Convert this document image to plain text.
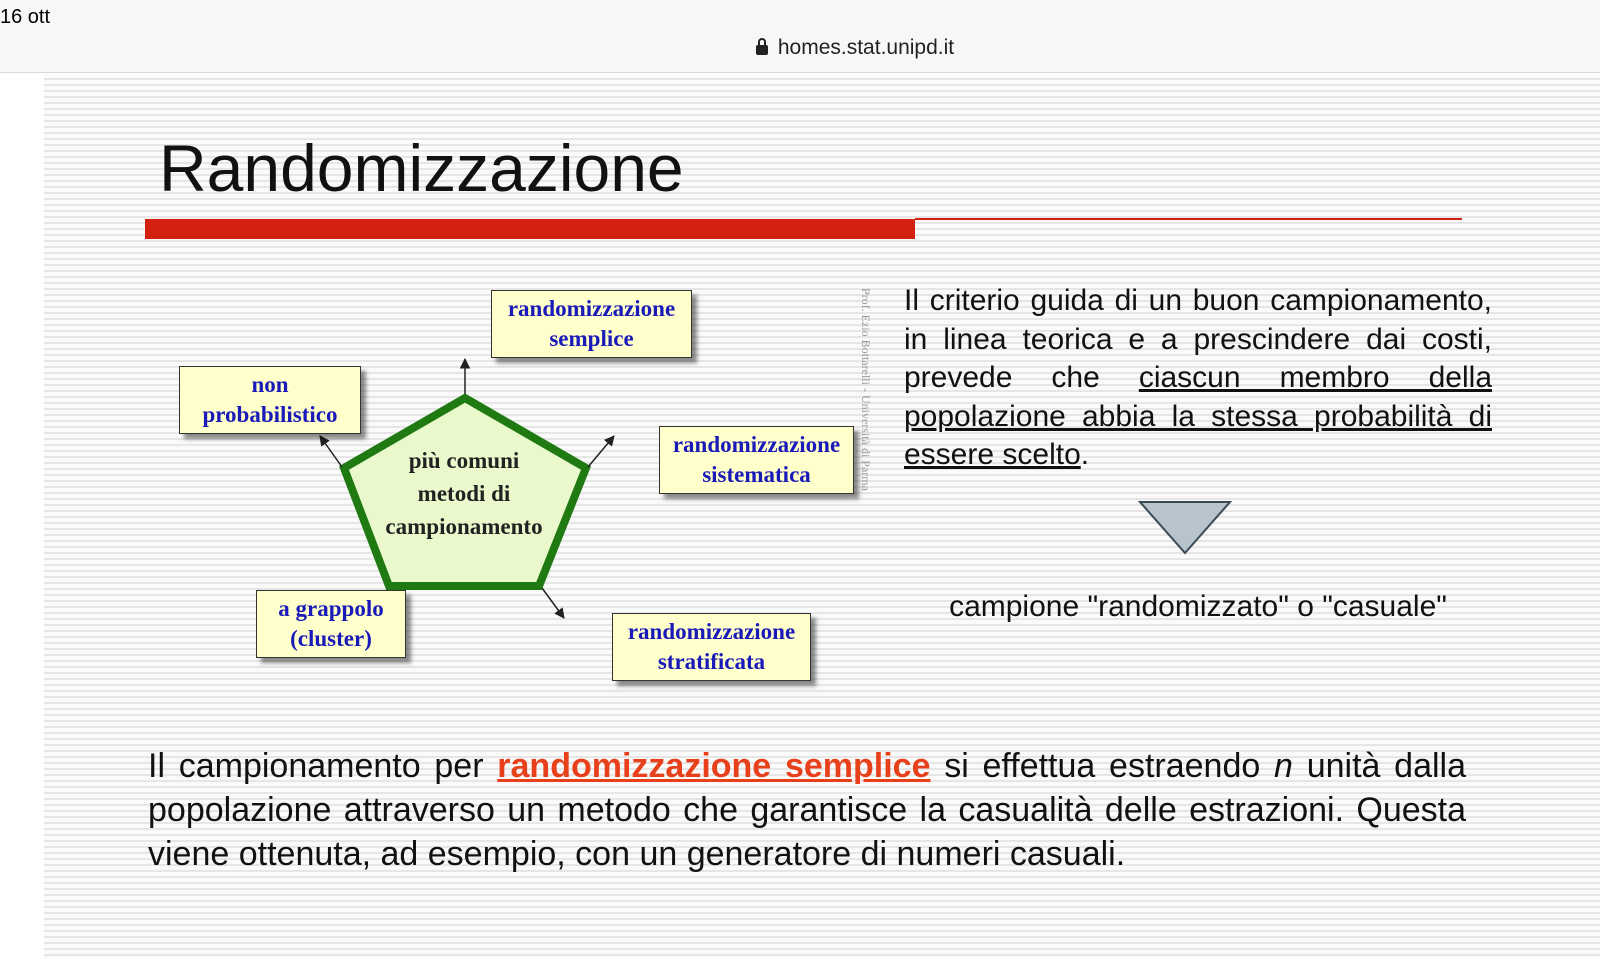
16 ott
homes.stat.unipd.it
Randomizzazione
più comuni
metodi di
campionamento
randomizzazione
semplice
randomizzazione
sistematica
randomizzazione
stratificata
a grappolo
(cluster)
non
probabilistico	Prof. Ezio Bottarelli - Università di Parma Il criterio guida di un buon campionamento, in linea teorica e a prescindere dai costi, prevede che ciascun membro della popolazione abbia la stessa probabilità di essere scelto.

campione "randomizzato" o "casuale"

Il campionamento per randomizzazione semplice si effettua estraendo n unità dalla popolazione attraverso un metodo che garantisce la casualità delle estrazioni. Questa viene ottenuta, ad esempio, con un generatore di numeri casuali.
